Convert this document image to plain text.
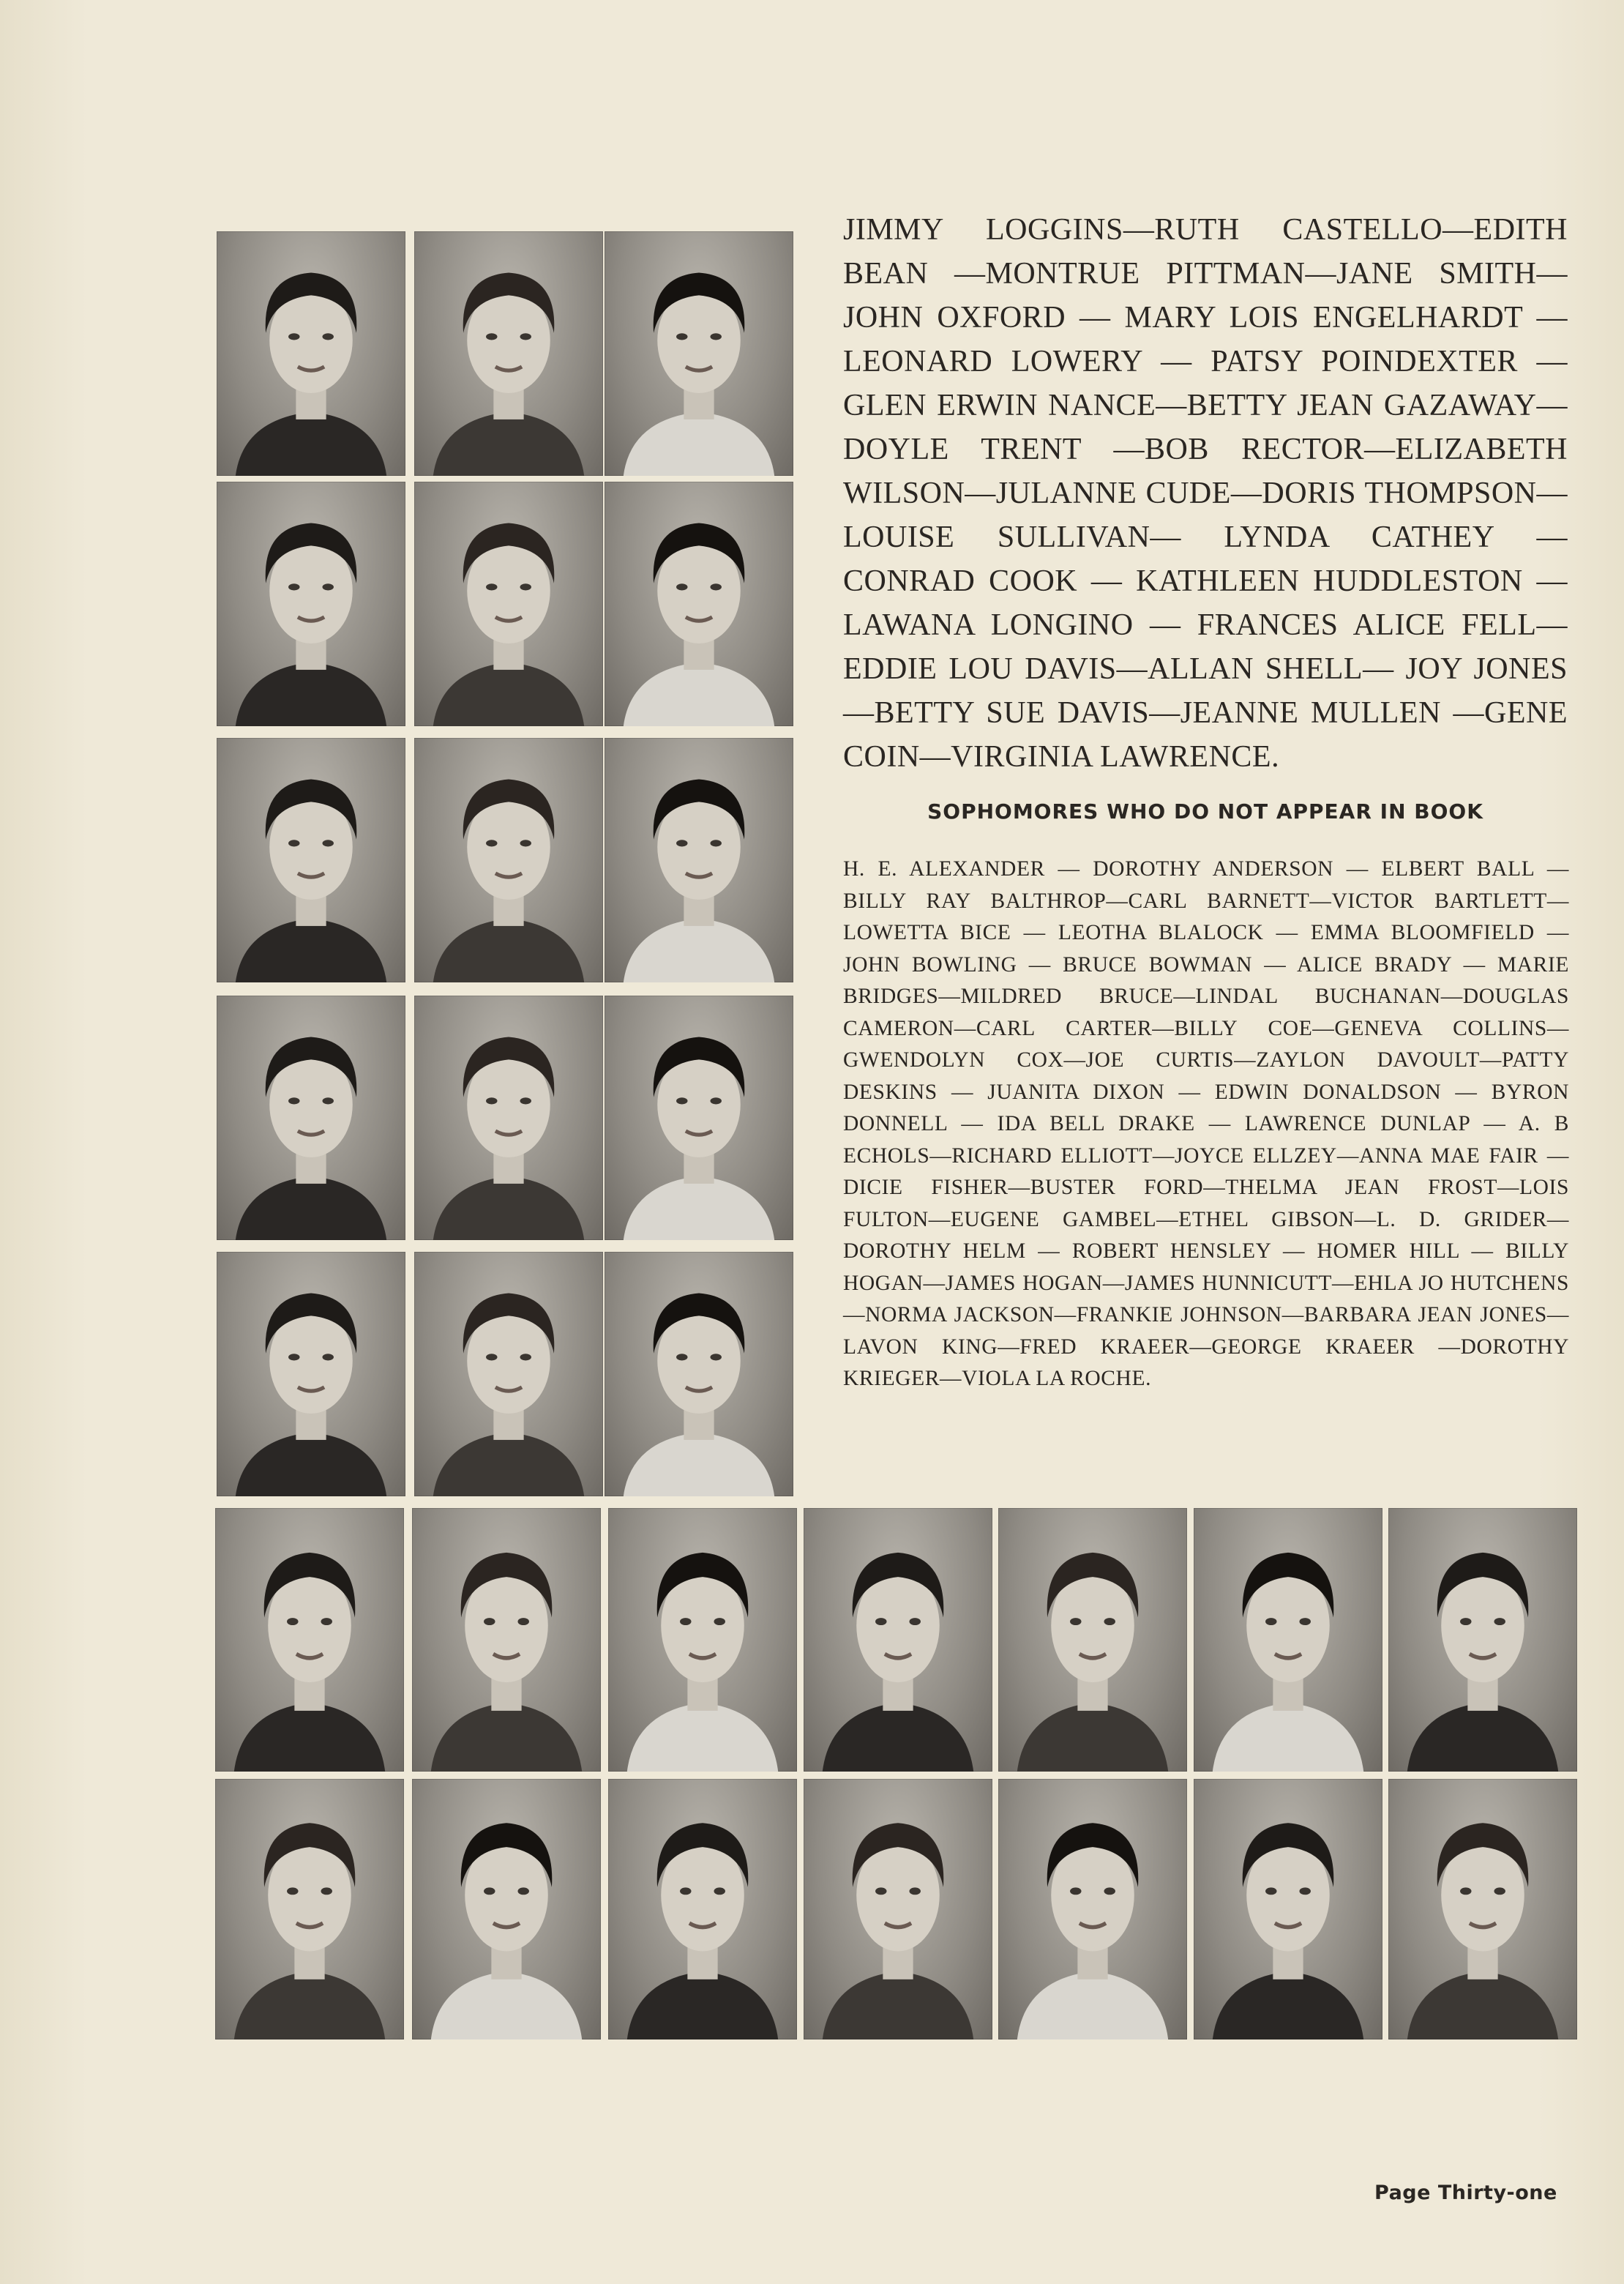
JIMMY LOGGINS—RUTH CASTELLO—EDITH BEAN —MONTRUE PITTMAN—JANE SMITH—JOHN OXFORD — MARY LOIS ENGELHARDT — LEONARD LOWERY — PATSY POINDEXTER — GLEN ERWIN NANCE—BETTY JEAN GAZAWAY—DOYLE TRENT —BOB RECTOR—ELIZABETH WILSON—JULANNE CUDE—DORIS THOMPSON—LOUISE SULLIVAN— LYNDA CATHEY — CONRAD COOK — KATHLEEN HUDDLESTON — LAWANA LONGINO — FRANCES ALICE FELL—EDDIE LOU DAVIS—ALLAN SHELL— JOY JONES—BETTY SUE DAVIS—JEANNE MULLEN —GENE COIN—VIRGINIA LAWRENCE.

SOPHOMORES WHO DO NOT APPEAR IN BOOK

H. E. ALEXANDER — DOROTHY ANDERSON — ELBERT BALL — BILLY RAY BALTHROP—CARL BARNETT—VICTOR BARTLETT— LOWETTA BICE — LEOTHA BLALOCK — EMMA BLOOMFIELD — JOHN BOWLING — BRUCE BOWMAN — ALICE BRADY — MARIE BRIDGES—MILDRED BRUCE—LINDAL BUCHANAN—DOUGLAS CAMERON—CARL CARTER—BILLY COE—GENEVA COLLINS— GWENDOLYN COX—JOE CURTIS—ZAYLON DAVOULT—PATTY DESKINS — JUANITA DIXON — EDWIN DONALDSON — BYRON DONNELL — IDA BELL DRAKE — LAWRENCE DUNLAP — A. B ECHOLS—RICHARD ELLIOTT—JOYCE ELLZEY—ANNA MAE FAIR —DICIE FISHER—BUSTER FORD—THELMA JEAN FROST—LOIS FULTON—EUGENE GAMBEL—ETHEL GIBSON—L. D. GRIDER— DOROTHY HELM — ROBERT HENSLEY — HOMER HILL — BILLY HOGAN—JAMES HOGAN—JAMES HUNNICUTT—EHLA JO HUTCHENS—NORMA JACKSON—FRANKIE JOHNSON—BARBARA JEAN JONES—LAVON KING—FRED KRAEER—GEORGE KRAEER —DOROTHY KRIEGER—VIOLA LA ROCHE.

Page Thirty-one
